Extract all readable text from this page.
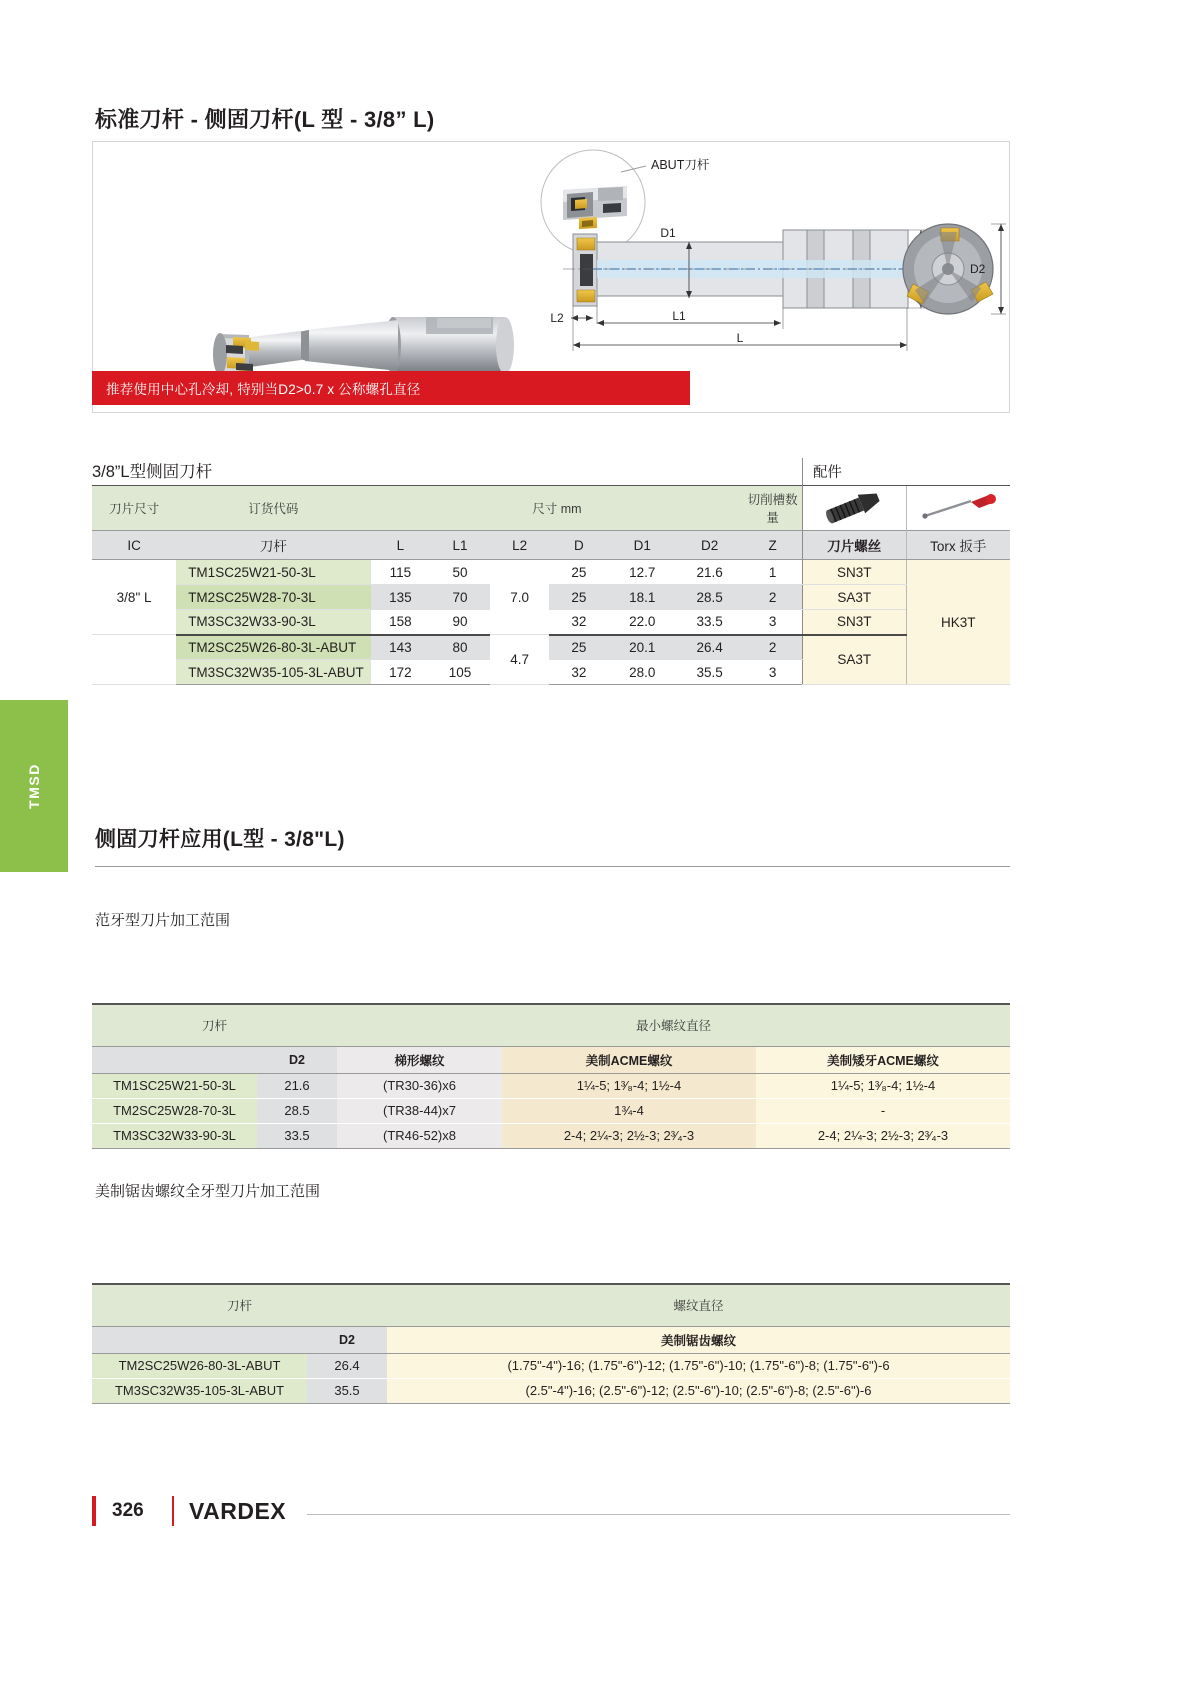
TMSD
标准刀杆 - 侧固刀杆(L 型 - 3/8” L)
ABUT刀杆
D1
L2	L1
L
D2
推荐使用中心孔冷却, 特别当D2>0.7 x 公称螺孔直径
3/8”L型侧固刀杆									配件	
刀片尺寸	订货代码	尺寸 mm						切削槽数量		
IC	刀杆	L	L1	L2	D	D1	D2	Z	刀片螺丝	Torx 扳手
3/8" L	TM1SC25W21-50-3L	115	50	7.0	25	12.7	21.6	1	SN3T	HK3T
	TM2SC25W28-70-3L	135	70		25	18.1	28.5	2	SA3T	
	TM3SC32W33-90-3L	158	90		32	22.0	33.5	3	SN3T	
	TM2SC25W26-80-3L-ABUT	143	80	4.7	25	20.1	26.4	2	SA3T	
	TM3SC32W35-105-3L-ABUT	172	105		32	28.0	35.5	3		
侧固刀杆应用(L型 - 3/8"L)
范牙型刀片加工范围
刀杆		最小螺纹直径		
	D2	梯形螺纹	美制ACME螺纹	美制矮牙ACME螺纹
TM1SC25W21-50-3L	21.6	(TR30-36)x6	1¼-5; 1³⁄₈-4; 1½-4	1¼-5; 1³⁄₈-4; 1½-4
TM2SC25W28-70-3L	28.5	(TR38-44)x7	1¾-4	-
TM3SC32W33-90-3L	33.5	(TR46-52)x8	2-4; 2¼-3; 2½-3; 2³⁄₄-3	2-4; 2¼-3; 2½-3; 2³⁄₄-3
美制锯齿螺纹全牙型刀片加工范围
刀杆		螺纹直径
	D2	美制锯齿螺纹
TM2SC25W26-80-3L-ABUT	26.4	(1.75"-4")-16; (1.75"-6")-12; (1.75"-6")-10; (1.75"-6")-8; (1.75"-6")-6
TM3SC32W35-105-3L-ABUT	35.5	(2.5"-4")-16; (2.5"-6")-12; (2.5"-6")-10; (2.5"-6")-8; (2.5"-6")-6
326 VARDEX
